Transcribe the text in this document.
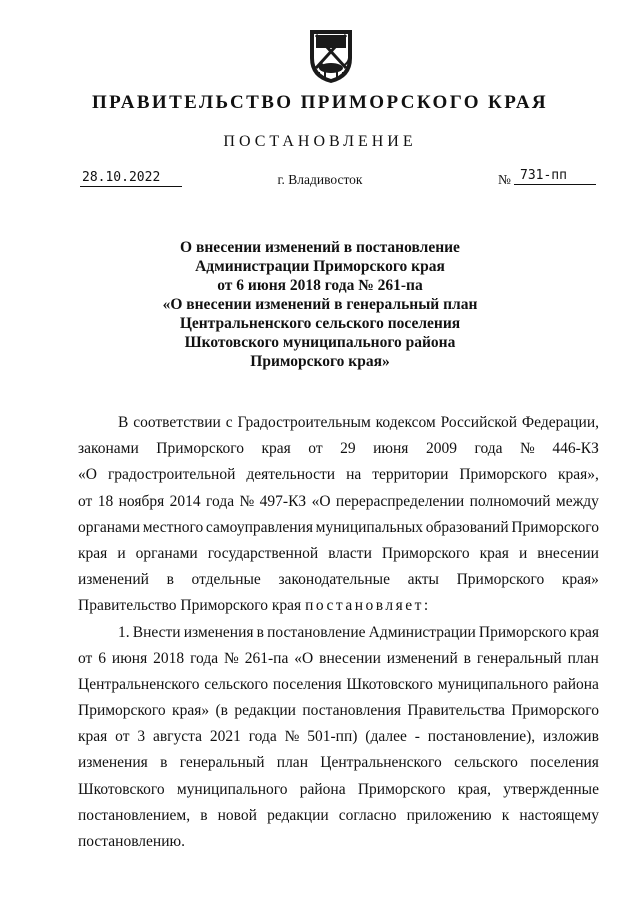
ПРАВИТЕЛЬСТВО ПРИМОРСКОГО КРАЯ
ПОСТАНОВЛЕНИЕ
28.10.2022	г. Владивосток	№ 731-пп
О внесении изменений в постановление
Администрации Приморского края
от 6 июня 2018 года № 261-па
«О внесении изменений в генеральный план
Центральненского сельского поселения
Шкотовского муниципального района
Приморского края»
В соответствии с Градостроительным кодексом Российской Федерации,
законами Приморского края от 29 июня 2009 года № 446-КЗ
«О градостроительной деятельности на территории Приморского края»,
от 18 ноября 2014 года № 497-КЗ «О перераспределении полномочий между
органами местного самоуправления муниципальных образований Приморского
края и органами государственной власти Приморского края и внесении
изменений в отдельные законодательные акты Приморского края»
Правительство Приморского края постановляет:
1. Внести изменения в постановление Администрации Приморского края
от 6 июня 2018 года № 261-па «О внесении изменений в генеральный план
Центральненского сельского поселения Шкотовского муниципального района
Приморского края» (в редакции постановления Правительства Приморского
края от 3 августа 2021 года № 501-пп) (далее - постановление), изложив
изменения в генеральный план Центральненского сельского поселения
Шкотовского муниципального района Приморского края, утвержденные
постановлением, в новой редакции согласно приложению к настоящему
постановлению.
